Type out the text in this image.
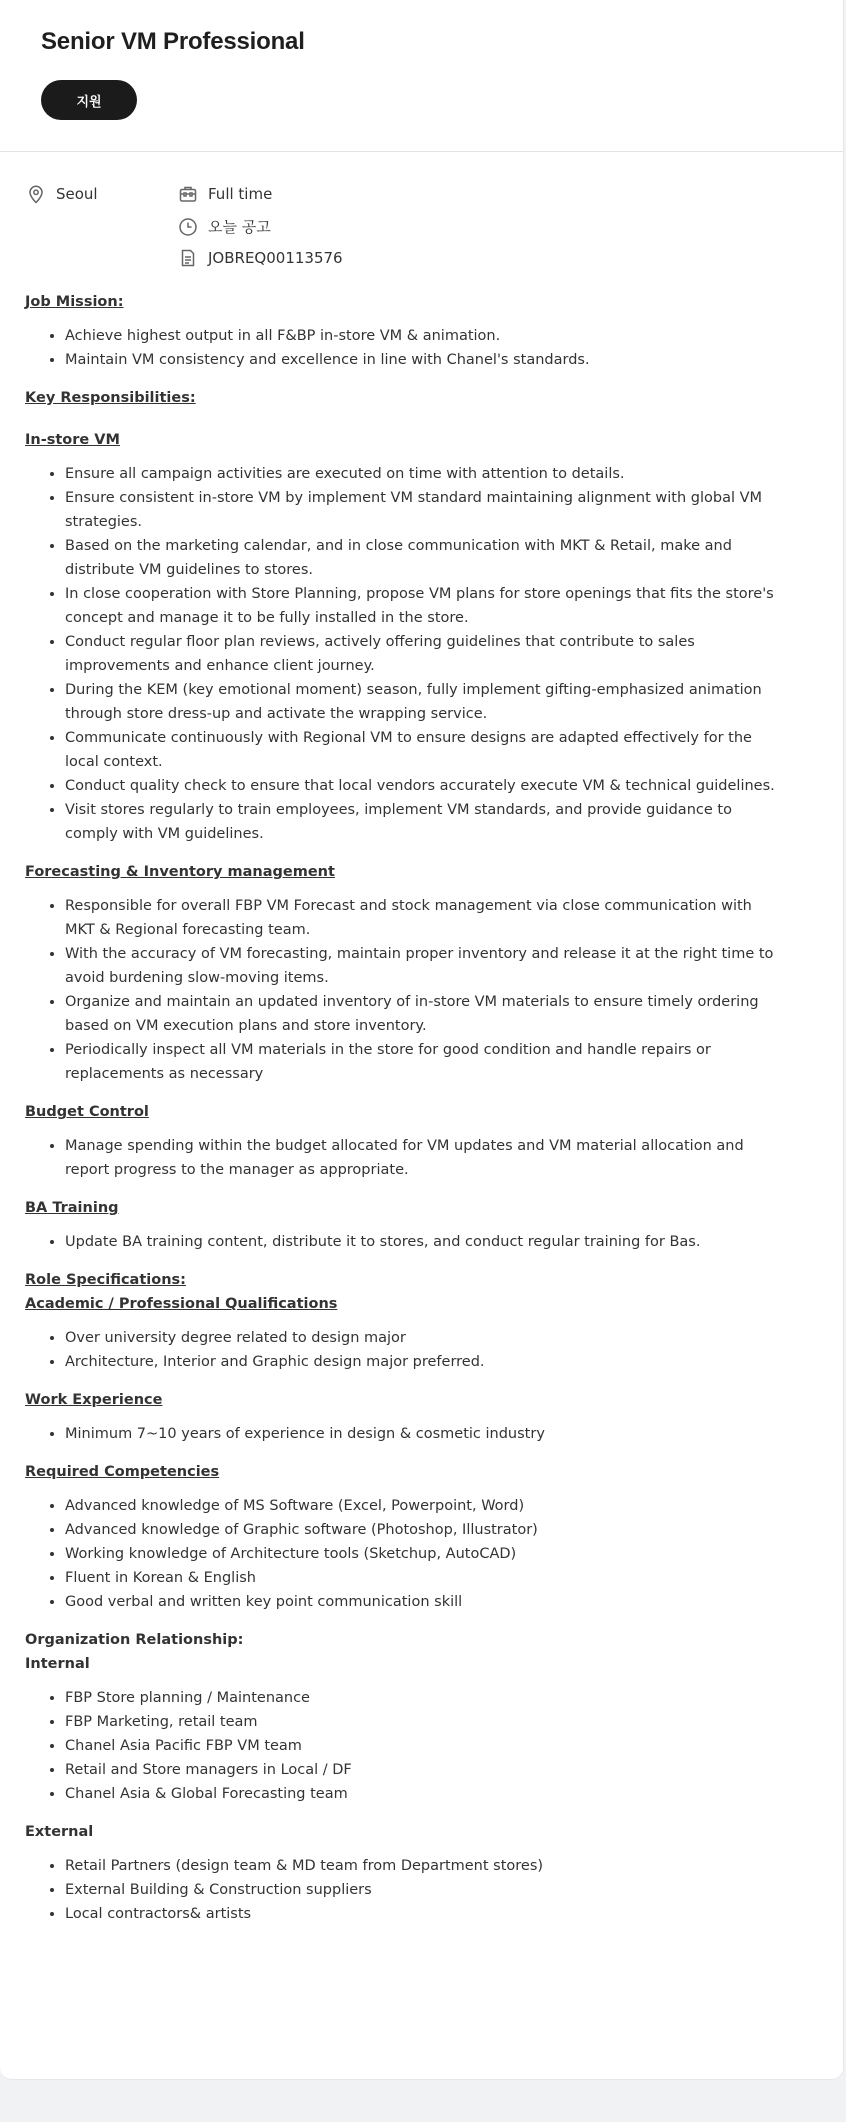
Senior VM Professional
지원
Seoul	Full time
오늘 공고
JOBREQ00113576

Job Mission:

• Achieve highest output in all F&BP in-store VM & animation.
• Maintain VM consistency and excellence in line with Chanel's standards.

Key Responsibilities:

In-store VM

• Ensure all campaign activities are executed on time with attention to details.
• Ensure consistent in-store VM by implement VM standard maintaining alignment with global VM strategies.
• Based on the marketing calendar, and in close communication with MKT & Retail, make and distribute VM guidelines to stores.
• In close cooperation with Store Planning, propose VM plans for store openings that fits the store's concept and manage it to be fully installed in the store.
• Conduct regular floor plan reviews, actively offering guidelines that contribute to sales improvements and enhance client journey.
• During the KEM (key emotional moment) season, fully implement gifting-emphasized animation through store dress-up and activate the wrapping service.
• Communicate continuously with Regional VM to ensure designs are adapted effectively for the local context.
• Conduct quality check to ensure that local vendors accurately execute VM & technical guidelines.
• Visit stores regularly to train employees, implement VM standards, and provide guidance to comply with VM guidelines.

Forecasting & Inventory management

• Responsible for overall FBP VM Forecast and stock management via close communication with MKT & Regional forecasting team.
• With the accuracy of VM forecasting, maintain proper inventory and release it at the right time to avoid burdening slow-moving items.
• Organize and maintain an updated inventory of in-store VM materials to ensure timely ordering based on VM execution plans and store inventory.
• Periodically inspect all VM materials in the store for good condition and handle repairs or replacements as necessary

Budget Control

• Manage spending within the budget allocated for VM updates and VM material allocation and report progress to the manager as appropriate.

BA Training

• Update BA training content, distribute it to stores, and conduct regular training for Bas.

Role Specifications:

Academic / Professional Qualifications

• Over university degree related to design major
• Architecture, Interior and Graphic design major preferred.

Work Experience

• Minimum 7~10 years of experience in design & cosmetic industry

Required Competencies

• Advanced knowledge of MS Software (Excel, Powerpoint, Word)
• Advanced knowledge of Graphic software (Photoshop, Illustrator)
• Working knowledge of Architecture tools (Sketchup, AutoCAD)
• Fluent in Korean & English
• Good verbal and written key point communication skill

Organization Relationship:

Internal

• FBP Store planning / Maintenance
• FBP Marketing, retail team
• Chanel Asia Pacific FBP VM team
• Retail and Store managers in Local / DF
• Chanel Asia & Global Forecasting team

External

• Retail Partners (design team & MD team from Department stores)
• External Building & Construction suppliers
• Local contractors& artists
